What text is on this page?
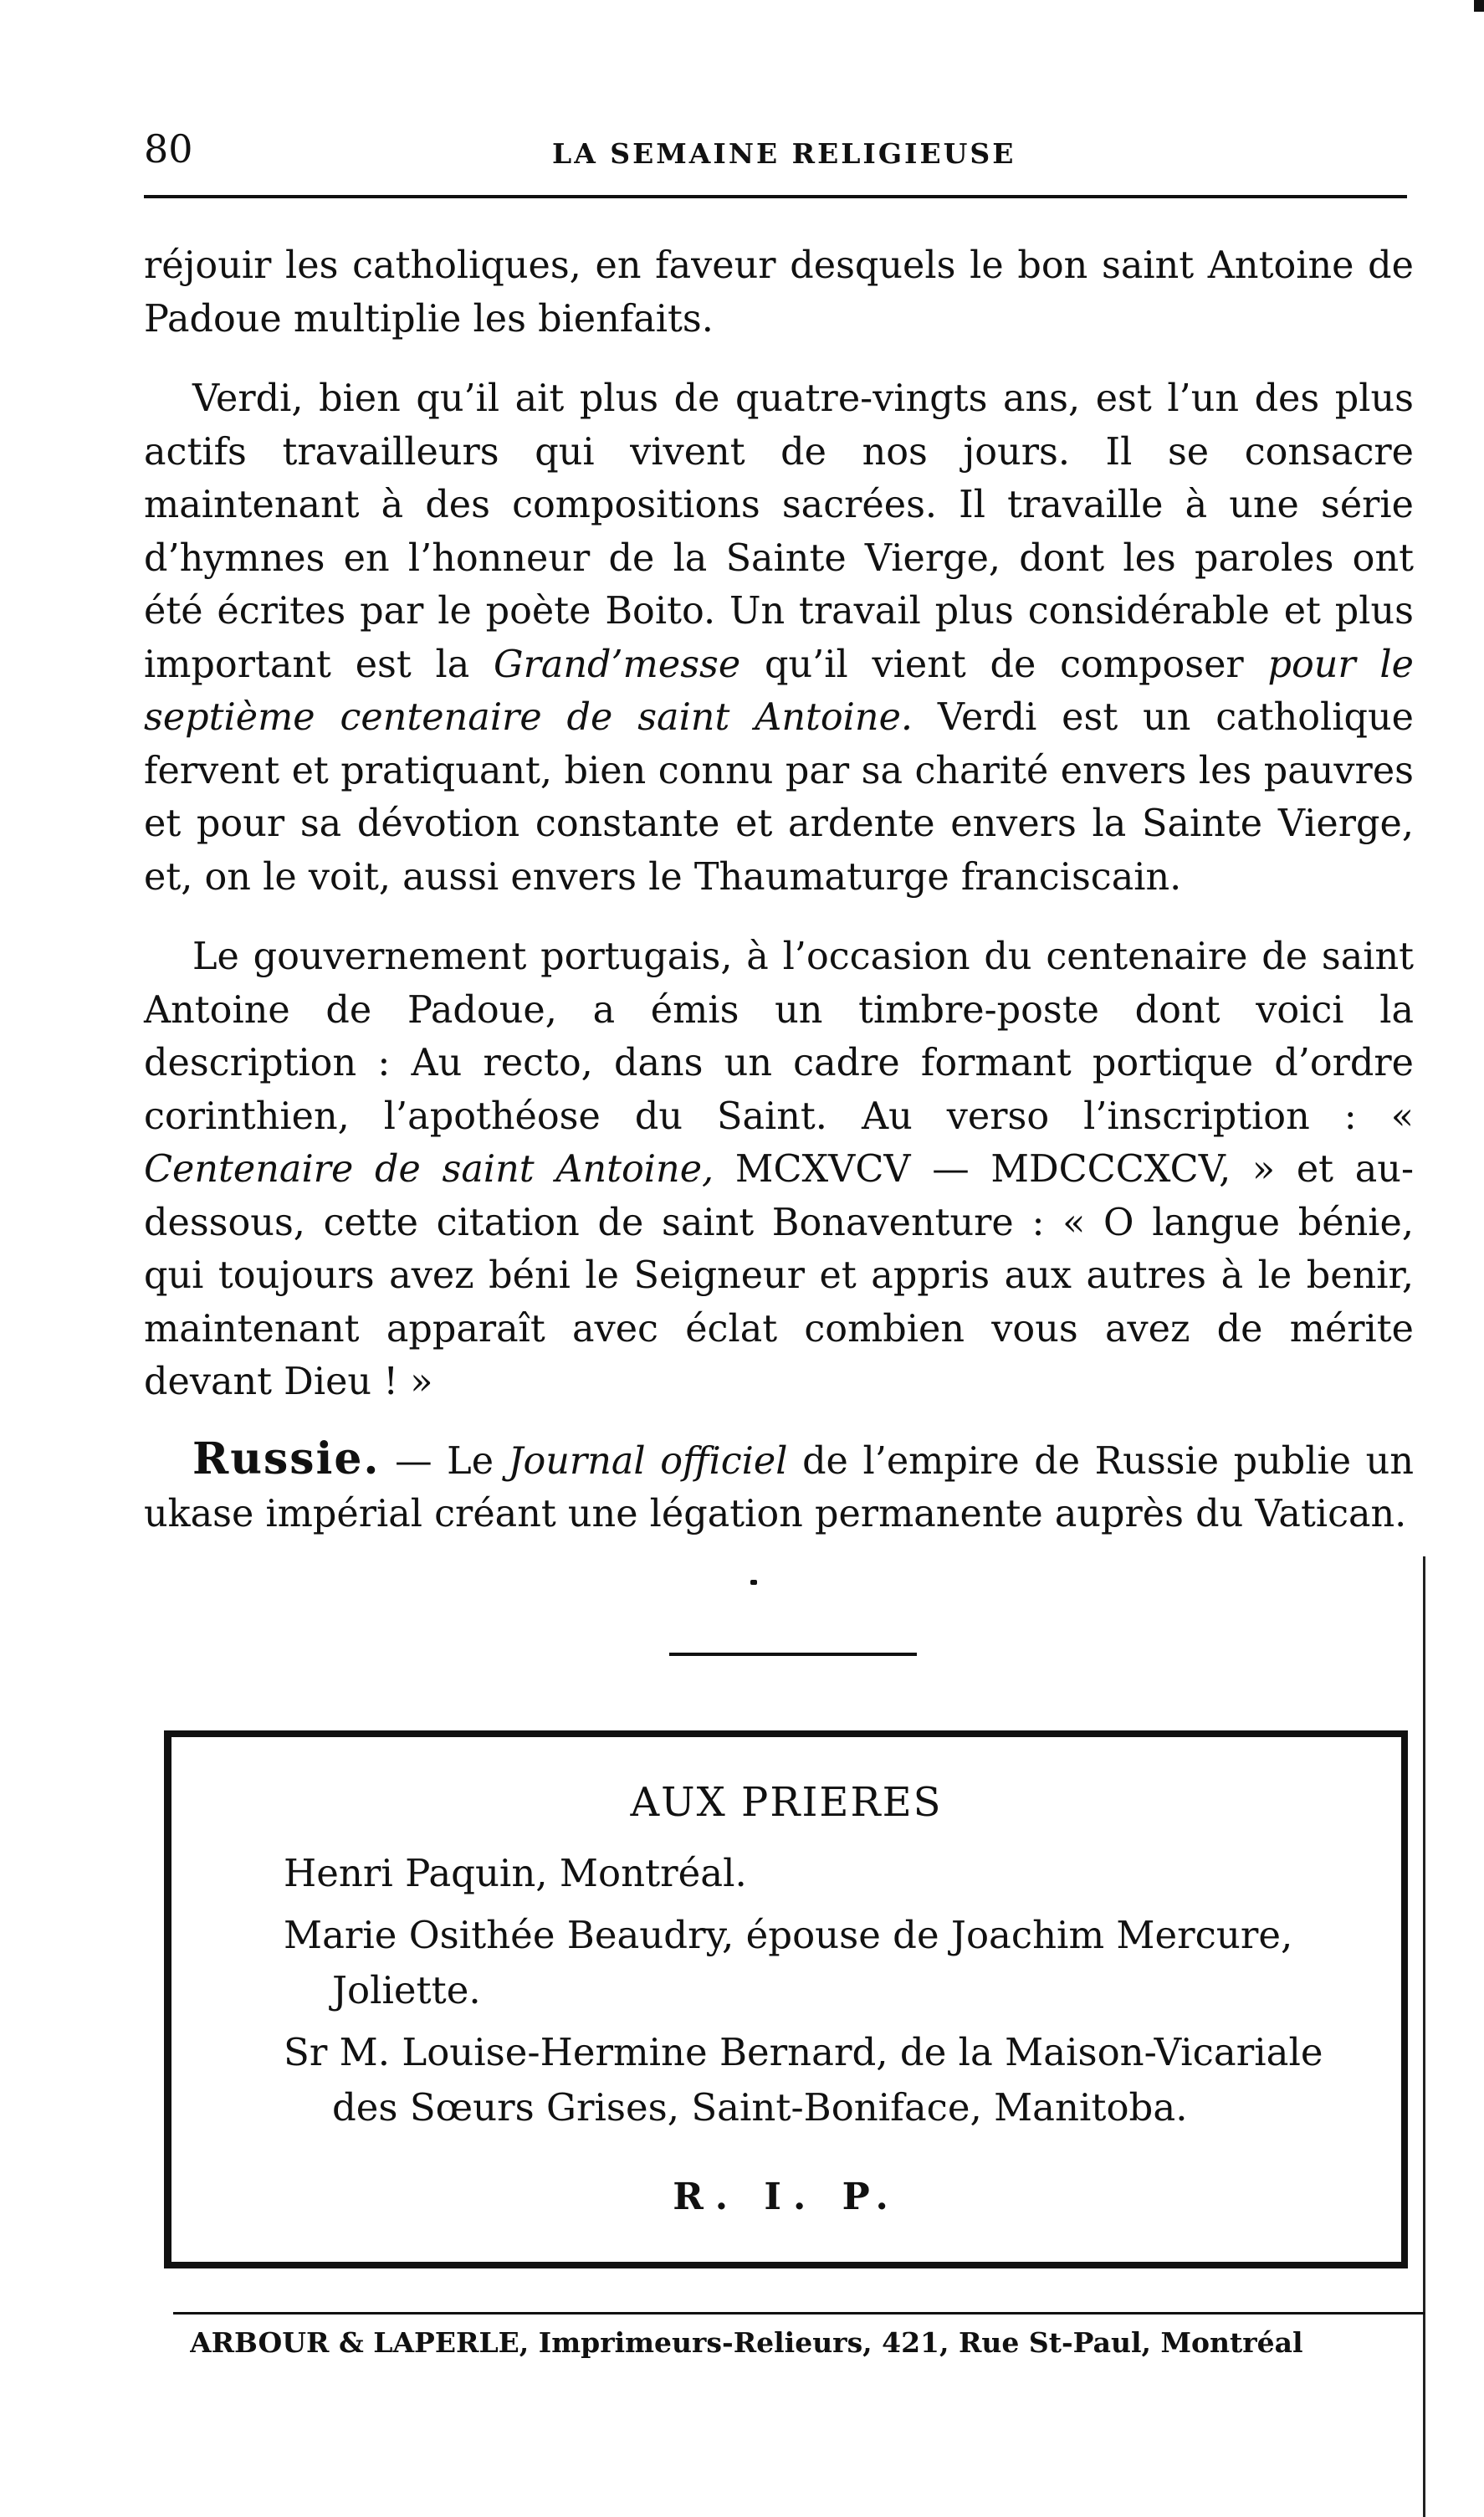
80	LA SEMAINE RELIGIEUSE

réjouir les catholiques, en faveur desquels le bon saint Antoine de Padoue multiplie les bienfaits.

Verdi, bien qu’il ait plus de quatre-vingts ans, est l’un des plus actifs travailleurs qui vivent de nos jours. Il se consacre maintenant à des compositions sacrées. Il travaille à une série d’hymnes en l’honneur de la Sainte Vierge, dont les paroles ont été écrites par le poète Boito. Un travail plus considérable et plus important est la Grand’messe qu’il vient de composer pour le septième centenaire de saint Antoine. Verdi est un catholique fervent et pratiquant, bien connu par sa charité envers les pauvres et pour sa dévotion constante et ardente envers la Sainte Vierge, et, on le voit, aussi envers le Thaumaturge franciscain.

Le gouvernement portugais, à l’occasion du centenaire de saint Antoine de Padoue, a émis un timbre-poste dont voici la description : Au recto, dans un cadre formant portique d’ordre corinthien, l’apothéose du Saint. Au verso l’inscription : « Centenaire de saint Antoine, MCXVCV — MDCCCXCV, » et au-dessous, cette citation de saint Bonaventure : « O langue bénie, qui toujours avez béni le Seigneur et appris aux autres à le benir, maintenant apparaît avec éclat combien vous avez de mérite devant Dieu ! »

Russie. — Le Journal officiel de l’empire de Russie publie un ukase impérial créant une légation permanente auprès du Vatican.

AUX PRIERES

Henri Paquin, Montréal.

Marie Osithée Beaudry, épouse de Joachim Mercure, Joliette.

Sr M. Louise-Hermine Bernard, de la Maison-Vicariale des Sœurs Grises, Saint-Boniface, Manitoba.

R. I. P.
ARBOUR & LAPERLE, Imprimeurs-Relieurs, 421, Rue St-Paul, Montréal
